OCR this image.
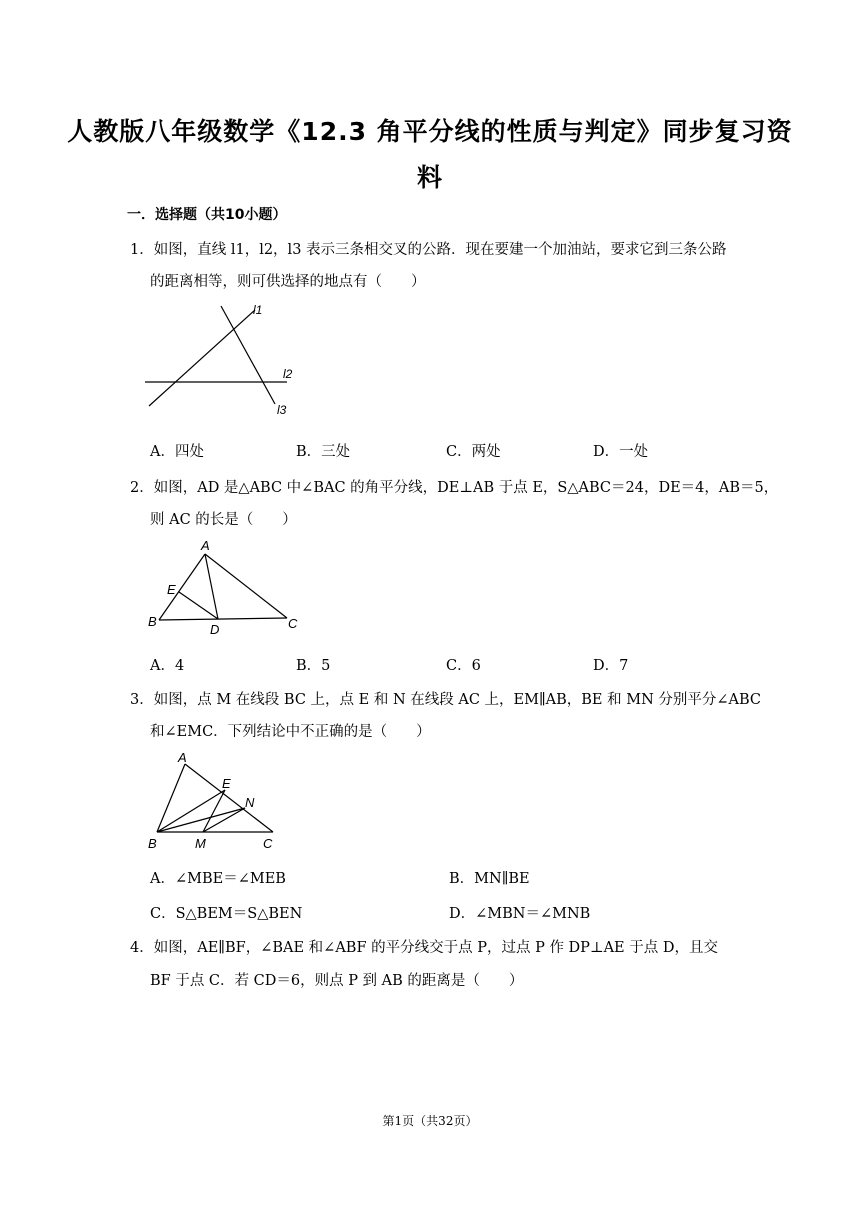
人教版八年级数学《12.3 角平分线的性质与判定》同步复习资
料
一．选择题（共10小题）
1．如图，直线 l1，l2，l3 表示三条相交叉的公路．现在要建一个加油站，要求它到三条公路
的距离相等，则可供选择的地点有（　　）
l1
l2
l3
A．四处	B．三处	C．两处	D．一处
2．如图，AD 是△ABC 中∠BAC 的角平分线，DE⊥AB 于点 E，S△ABC＝24，DE＝4，AB＝5，
则 AC 的长是（　　）
A
E
B
D	C
A．4	B．5	C．6	D．7
3．如图，点 M 在线段 BC 上，点 E 和 N 在线段 AC 上，EM∥AB，BE 和 MN 分别平分∠ABC
和∠EMC．下列结论中不正确的是（　　）
A
E
N
B	M	C
A．∠MBE＝∠MEB	B．MN∥BE
C．S△BEM＝S△BEN	D．∠MBN＝∠MNB
4．如图，AE∥BF，∠BAE 和∠ABF 的平分线交于点 P，过点 P 作 DP⊥AE 于点 D，且交
BF 于点 C．若 CD＝6，则点 P 到 AB 的距离是（　　）
第1页（共32页）
